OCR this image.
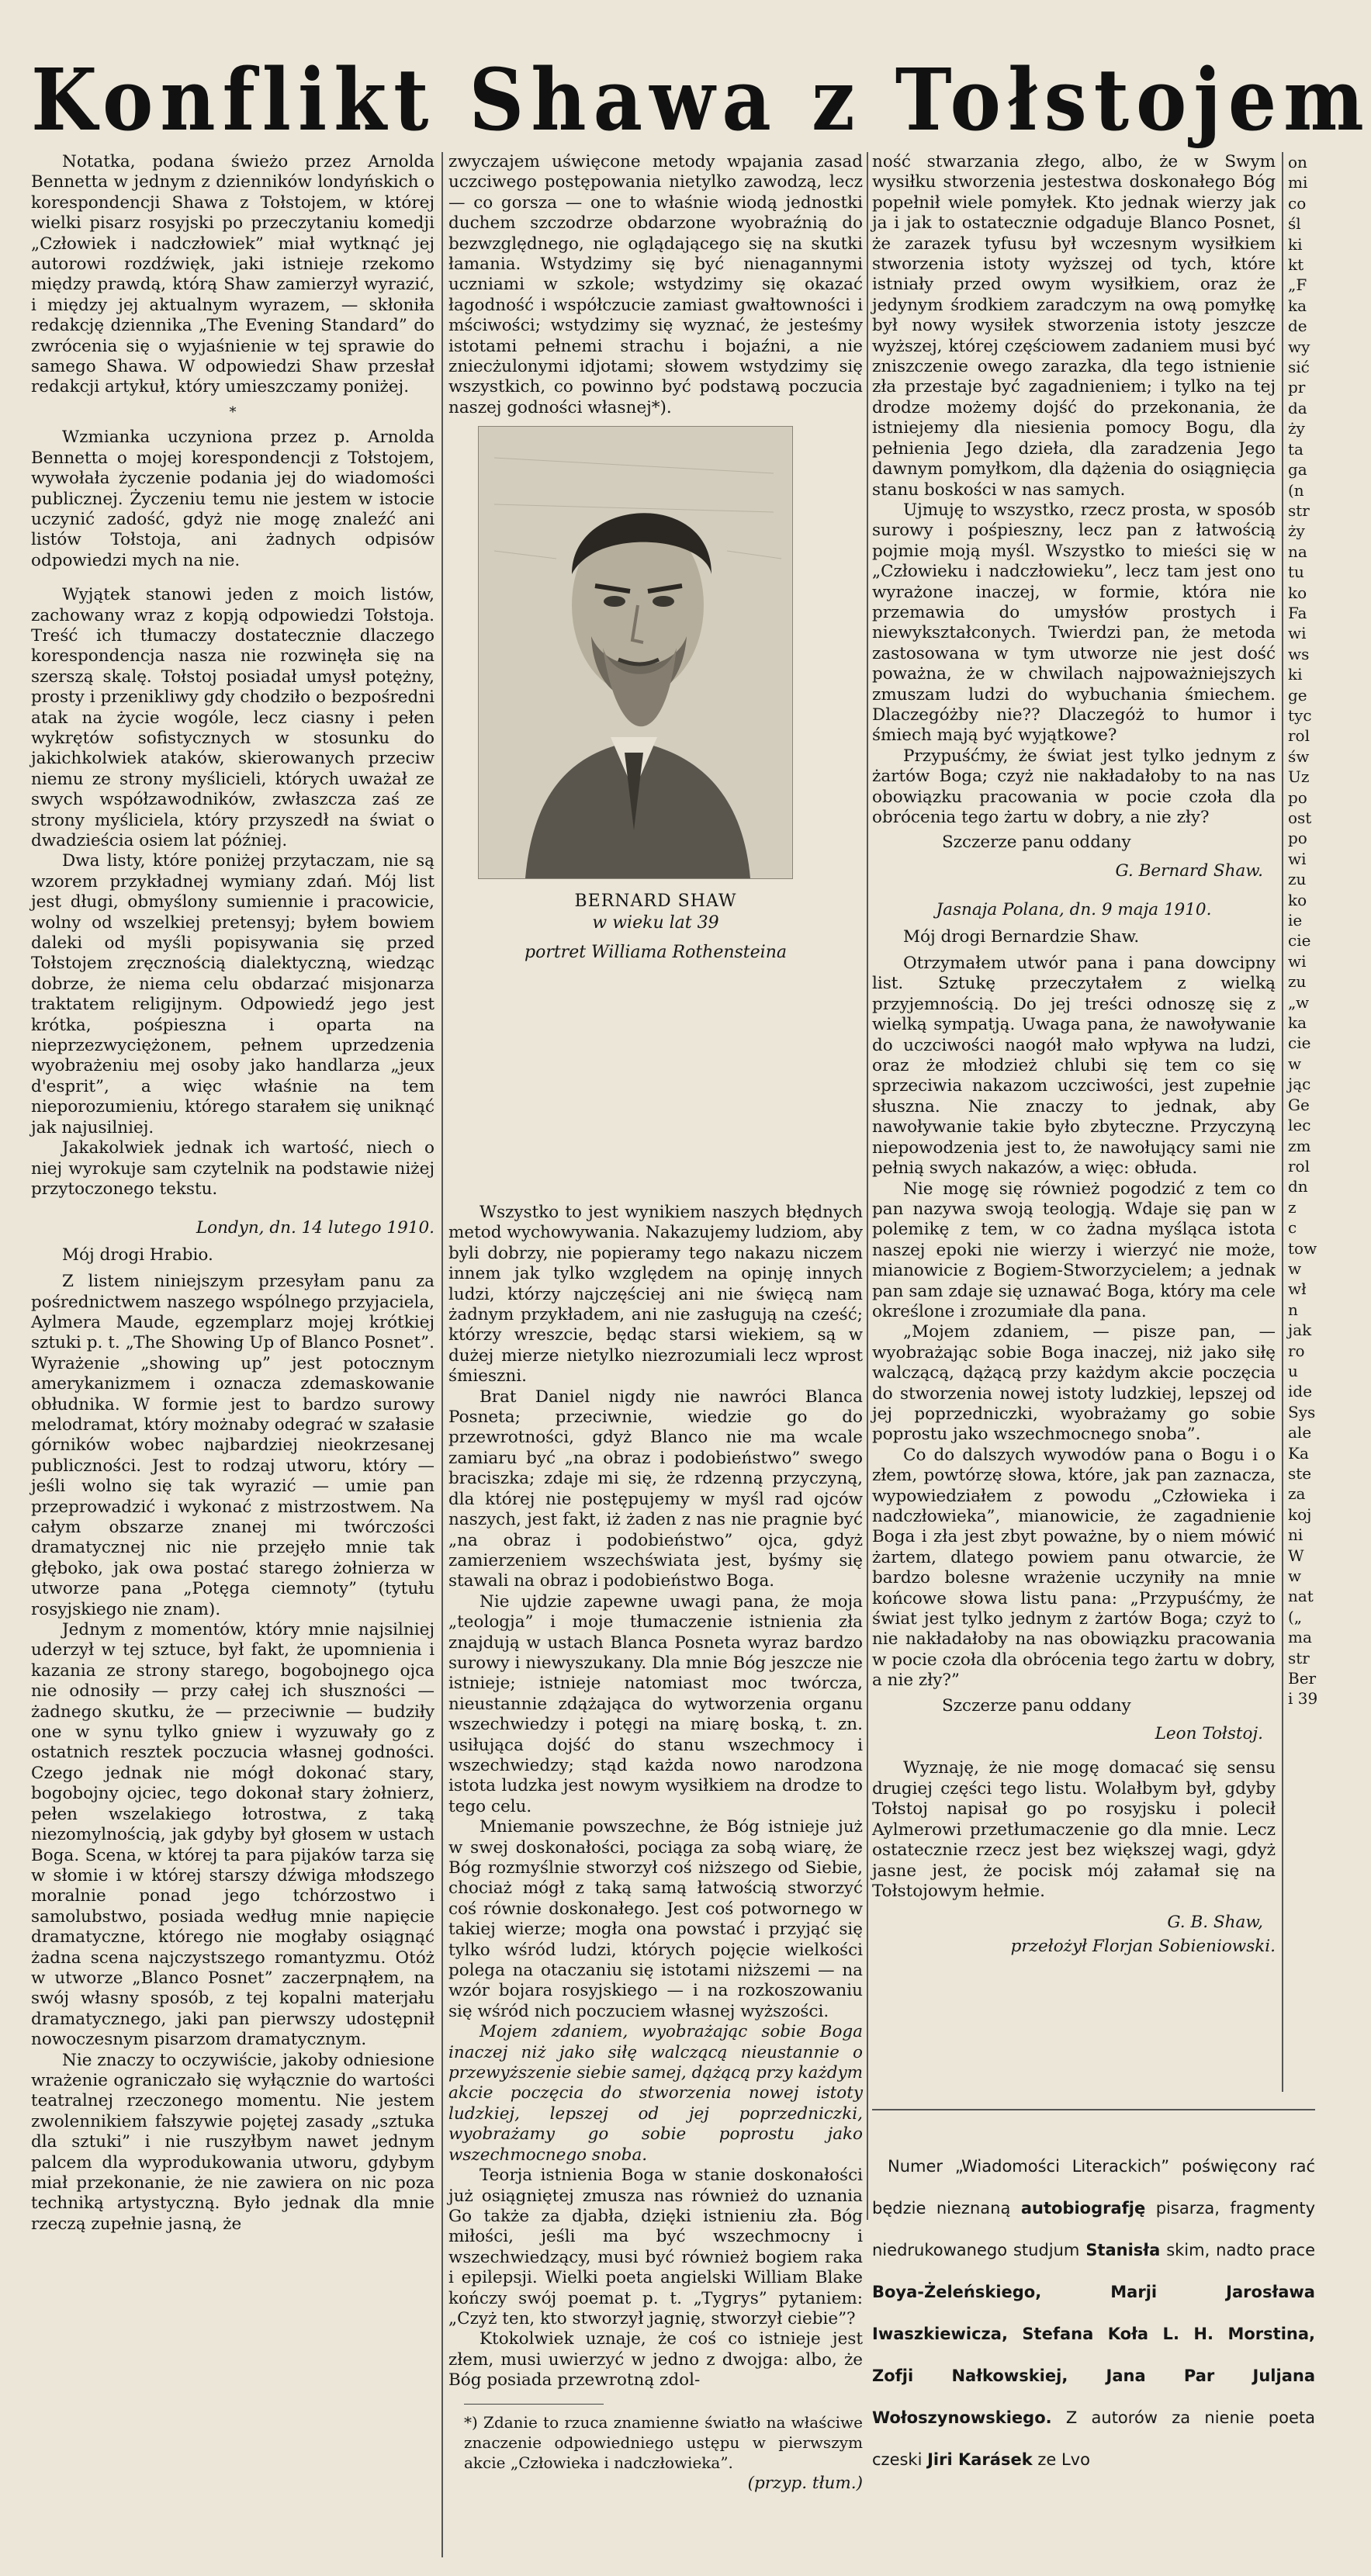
Konflikt Shawa z Tołstojem

Notatka, podana świeżo przez Arnolda Bennetta w jednym z dzienników londyńskich o korespondencji Shawa z Tołstojem, w której wielki pisarz rosyjski po przeczytaniu komedji „Człowiek i nadczłowiek” miał wytknąć jej autorowi rozdźwięk, jaki istnieje rzekomo między prawdą, którą Shaw zamierzył wyrazić, i między jej aktualnym wyrazem, — skłoniła redakcję dziennika „The Evening Standard” do zwrócenia się o wyjaśnienie w tej sprawie do samego Shawa. W odpowiedzi Shaw przesłał redakcji artykuł, który umieszczamy poniżej.

*

Wzmianka uczyniona przez p. Arnolda Bennetta o mojej korespondencji z Tołstojem, wywołała życzenie podania jej do wiadomości publicznej. Życzeniu temu nie jestem w istocie uczynić zadość, gdyż nie mogę znaleźć ani listów Tołstoja, ani żadnych odpisów odpowiedzi mych na nie.

Wyjątek stanowi jeden z moich listów, zachowany wraz z kopją odpowiedzi Tołstoja. Treść ich tłumaczy dostatecznie dlaczego korespondencja nasza nie rozwinęła się na szerszą skalę. Tołstoj posiadał umysł potężny, prosty i przenikliwy gdy chodziło o bezpośredni atak na życie wogóle, lecz ciasny i pełen wykrętów sofistycznych w stosunku do jakichkolwiek ataków, skierowanych przeciw niemu ze strony myślicieli, których uważał ze swych współzawodników, zwłaszcza zaś ze strony myśliciela, który przyszedł na świat o dwadzieścia osiem lat później.

Dwa listy, które poniżej przytaczam, nie są wzorem przykładnej wymiany zdań. Mój list jest długi, obmyślony sumiennie i pracowicie, wolny od wszelkiej pretensyj; byłem bowiem daleki od myśli popisywania się przed Tołstojem zręcznością dialektyczną, wiedząc dobrze, że niema celu obdarzać misjonarza traktatem religijnym. Odpowiedź jego jest krótka, pośpieszna i oparta na nieprzezwyciężonem, pełnem uprzedzenia wyobrażeniu mej osoby jako handlarza „jeux d'esprit”, a więc właśnie na tem nieporozumieniu, którego starałem się uniknąć jak najusilniej.

Jakakolwiek jednak ich wartość, niech o niej wyrokuje sam czytelnik na podstawie niżej przytoczonego tekstu.

Londyn, dn. 14 lutego 1910.

Mój drogi Hrabio.

Z listem niniejszym przesyłam panu za pośrednictwem naszego wspólnego przyjaciela, Aylmera Maude, egzemplarz mojej krótkiej sztuki p. t. „The Showing Up of Blanco Posnet”. Wyrażenie „showing up” jest potocznym amerykanizmem i oznacza zdemaskowanie obłudnika. W formie jest to bardzo surowy melodramat, który możnaby odegrać w szałasie górników wobec najbardziej nieokrzesanej publiczności. Jest to rodzaj utworu, który — jeśli wolno się tak wyrazić — umie pan przeprowadzić i wykonać z mistrzostwem. Na całym obszarze znanej mi twórczości dramatycznej nic nie przejęło mnie tak głęboko, jak owa postać starego żołnierza w utworze pana „Potęga ciemnoty” (tytułu rosyjskiego nie znam).

Jednym z momentów, który mnie najsilniej uderzył w tej sztuce, był fakt, że upomnienia i kazania ze strony starego, bogobojnego ojca nie odnosiły — przy całej ich słuszności — żadnego skutku, że — przeciwnie — budziły one w synu tylko gniew i wyzuwały go z ostatnich resztek poczucia własnej godności. Czego jednak nie mógł dokonać stary, bogobojny ojciec, tego dokonał stary żołnierz, pełen wszelakiego łotrostwa, z taką niezomylnością, jak gdyby był głosem w ustach Boga. Scena, w której ta para pijaków tarza się w słomie i w której starszy dźwiga młodszego moralnie ponad jego tchórzostwo i samolubstwo, posiada według mnie napięcie dramatyczne, którego nie mogłaby osiągnąć żadna scena najczystszego romantyzmu. Otóż w utworze „Blanco Posnet” zaczerpnąłem, na swój własny sposób, z tej kopalni materjału dramatycznego, jaki pan pierwszy udostępnił nowoczesnym pisarzom dramatycznym.

Nie znaczy to oczywiście, jakoby odniesione wrażenie ograniczało się wyłącznie do wartości teatralnej rzeczonego momentu. Nie jestem zwolennikiem fałszywie pojętej zasady „sztuka dla sztuki” i nie ruszyłbym nawet jednym palcem dla wyprodukowania utworu, gdybym miał przekonanie, że nie zawiera on nic poza techniką artystyczną. Było jednak dla mnie rzeczą zupełnie jasną, że

zwyczajem uświęcone metody wpajania zasad uczciwego postępowania nietylko zawodzą, lecz — co gorsza — one to właśnie wiodą jednostki duchem szczodrze obdarzone wyobraźnią do bezwzględnego, nie oglądającego się na skutki łamania. Wstydzimy się być nienagannymi uczniami w szkole; wstydzimy się okazać łagodność i współczucie zamiast gwałtowności i mściwości; wstydzimy się wyznać, że jesteśmy istotami pełnemi strachu i bojaźni, a nie zniecżulonymi idjotami; słowem wstydzimy się wszystkich, co powinno być podstawą poczucia naszej godności własnej*).

Wszystko to jest wynikiem naszych błędnych metod wychowywania. Nakazujemy ludziom, aby byli dobrzy, nie popieramy tego nakazu niczem innem jak tylko względem na opinję innych ludzi, którzy najczęściej ani nie święcą nam żadnym przykładem, ani nie zasługują na cześć; którzy wreszcie, będąc starsi wiekiem, są w dużej mierze nietylko niezrozumiali lecz wprost śmieszni.

Brat Daniel nigdy nie nawróci Blanca Posneta; przeciwnie, wiedzie go do przewrotności, gdyż Blanco nie ma wcale zamiaru być „na obraz i podobieństwo” swego braciszka; zdaje mi się, że rdzenną przyczyną, dla której nie postępujemy w myśl rad ojców naszych, jest fakt, iż żaden z nas nie pragnie być „na obraz i podobieństwo” ojca, gdyż zamierzeniem wszechświata jest, byśmy się stawali na obraz i podobieństwo Boga.

Nie ujdzie zapewne uwagi pana, że moja „teologja” i moje tłumaczenie istnienia zła znajdują w ustach Blanca Posneta wyraz bardzo surowy i niewyszukany. Dla mnie Bóg jeszcze nie istnieje; istnieje natomiast moc twórcza, nieustannie zdążająca do wytworzenia organu wszechwiedzy i potęgi na miarę boską, t. zn. usiłująca dojść do stanu wszechmocy i wszechwiedzy; stąd każda nowo narodzona istota ludzka jest nowym wysiłkiem na drodze to tego celu.

Mniemanie powszechne, że Bóg istnieje już w swej doskonałości, pociąga za sobą wiarę, że Bóg rozmyślnie stworzył coś niższego od Siebie, chociaż mógł z taką samą łatwością stworzyć coś równie doskonałego. Jest coś potwornego w takiej wierze; mogła ona powstać i przyjąć się tylko wśród ludzi, których pojęcie wielkości polega na otaczaniu się istotami niższemi — na wzór bojara rosyjskiego — i na rozkoszowaniu się wśród nich poczuciem własnej wyższości.

Mojem zdaniem, wyobrażając sobie Boga inaczej niż jako siłę walczącą nieustannie o przewyższenie siebie samej, dążącą przy każdym akcie poczęcia do stworzenia nowej istoty ludzkiej, lepszej od jej poprzedniczki, wyobrażamy go sobie poprostu jako wszechmocnego snoba.

Teorja istnienia Boga w stanie doskonałości już osiągniętej zmusza nas również do uznania Go także za djabła, dzięki istnieniu zła. Bóg miłości, jeśli ma być wszechmocny i wszechwiedzący, musi być również bogiem raka i epilepsji. Wielki poeta angielski William Blake kończy swój poemat p. t. „Tygrys” pytaniem: „Czyż ten, kto stworzył jagnię, stworzył ciebie”?

Ktokolwiek uznaje, że coś co istnieje jest złem, musi uwierzyć w jedno z dwojga: albo, że Bóg posiada przewrotną zdol-

*) Zdanie to rzuca znamienne światło na właściwe znaczenie odpowiedniego ustępu w pierwszym akcie „Człowieka i nadczłowieka”.

(przyp. tłum.)

BERNARD SHAW
w wieku lat 39
portret Williama Rothensteina

ność stwarzania złego, albo, że w Swym wysiłku stworzenia jestestwa doskonałego Bóg popełnił wiele pomyłek. Kto jednak wierzy jak ja i jak to ostatecznie odgaduje Blanco Posnet, że zarazek tyfusu był wczesnym wysiłkiem stworzenia istoty wyższej od tych, które istniały przed owym wysiłkiem, oraz że jedynym środkiem zaradczym na ową pomyłkę był nowy wysiłek stworzenia istoty jeszcze wyższej, której częściowem zadaniem musi być zniszczenie owego zarazka, dla tego istnienie zła przestaje być zagadnieniem; i tylko na tej drodze możemy dojść do przekonania, że istniejemy dla niesienia pomocy Bogu, dla pełnienia Jego dzieła, dla zaradzenia Jego dawnym pomyłkom, dla dążenia do osiągnięcia stanu boskości w nas samych.

Ujmuję to wszystko, rzecz prosta, w sposób surowy i pośpieszny, lecz pan z łatwością pojmie moją myśl. Wszystko to mieści się w „Człowieku i nadczłowieku”, lecz tam jest ono wyrażone inaczej, w formie, która nie przemawia do umysłów prostych i niewykształconych. Twierdzi pan, że metoda zastosowana w tym utworze nie jest dość poważna, że w chwilach najpoważniejszych zmuszam ludzi do wybuchania śmiechem. Dlaczegóżby nie?? Dlaczegóż to humor i śmiech mają być wyjątkowe?

Przypuśćmy, że świat jest tylko jednym z żartów Boga; czyż nie nakładałoby to na nas obowiązku pracowania w pocie czoła dla obrócenia tego żartu w dobry, a nie zły?

Szczerze panu oddany

G. Bernard Shaw.

Jasnaja Polana, dn. 9 maja 1910.

Mój drogi Bernardzie Shaw.

Otrzymałem utwór pana i pana dowcipny list. Sztukę przeczytałem z wielką przyjemnością. Do jej treści odnoszę się z wielką sympatją. Uwaga pana, że nawoływanie do uczciwości naogół mało wpływa na ludzi, oraz że młodzież chlubi się tem co się sprzeciwia nakazom uczciwości, jest zupełnie słuszna. Nie znaczy to jednak, aby nawoływanie takie było zbyteczne. Przyczyną niepowodzenia jest to, że nawołujący sami nie pełnią swych nakazów, a więc: obłuda.

Nie mogę się również pogodzić z tem co pan nazywa swoją teologją. Wdaje się pan w polemikę z tem, w co żadna myśląca istota naszej epoki nie wierzy i wierzyć nie może, mianowicie z Bogiem-Stworzycielem; a jednak pan sam zdaje się uznawać Boga, który ma cele określone i zrozumiałe dla pana.

„Mojem zdaniem, — pisze pan, — wyobrażając sobie Boga inaczej, niż jako siłę walczącą, dążącą przy każdym akcie poczęcia do stworzenia nowej istoty ludzkiej, lepszej od jej poprzedniczki, wyobrażamy go sobie poprostu jako wszechmocnego snoba”.

Co do dalszych wywodów pana o Bogu i o złem, powtórzę słowa, które, jak pan zaznacza, wypowiedziałem z powodu „Człowieka i nadczłowieka”, mianowicie, że zagadnienie Boga i zła jest zbyt poważne, by o niem mówić żartem, dlatego powiem panu otwarcie, że bardzo bolesne wrażenie uczyniły na mnie końcowe słowa listu pana: „Przypuśćmy, że świat jest tylko jednym z żartów Boga; czyż to nie nakładałoby na nas obowiązku pracowania w pocie czoła dla obrócenia tego żartu w dobry, a nie zły?”

Szczerze panu oddany

Leon Tołstoj.

Wyznaję, że nie mogę domacać się sensu drugiej części tego listu. Wolałbym był, gdyby Tołstoj napisał go po rosyjsku i polecił Aylmerowi przetłumaczenie go dla mnie. Lecz ostatecznie rzecz jest bez większej wagi, gdyż jasne jest, że pocisk mój załamał się na Tołstojowym hełmie.

G. B. Shaw,

przełożył Florjan Sobieniowski.

on
mi
co
śl
ki
kt
„F
ka
de
wy
sić
pr
da
ży
ta
ga
(n
str
ży
na
tu
ko
Fa
wi
ws
ki
ge
tyc
rol
św
Uz
po
ost
po
wi
zu
ko
ie
cie
wi
zu
„w
ka
cie
w
jąc
Ge
lec
zm
rol
dn
z
c
tow
w
wł
n
jak
ro
u
ide
Sys
ale
Ka
ste
za
koj
ni
W
w
nat
(„
ma
str
Ber
i 39

Numer „Wiadomości Literackich” poświęcony rać będzie nieznaną autobiografję pisarza, fragmenty niedrukowanego studjum Stanisła skim, nadto prace Boya-Żeleńskiego, Marji Jarosława Iwaszkiewicza, Stefana Koła L. H. Morstina, Zofji Nałkowskiej, Jana Par Juljana Wołoszynowskiego. Z autorów za nienie poeta czeski Jiri Karásek ze Lvo
